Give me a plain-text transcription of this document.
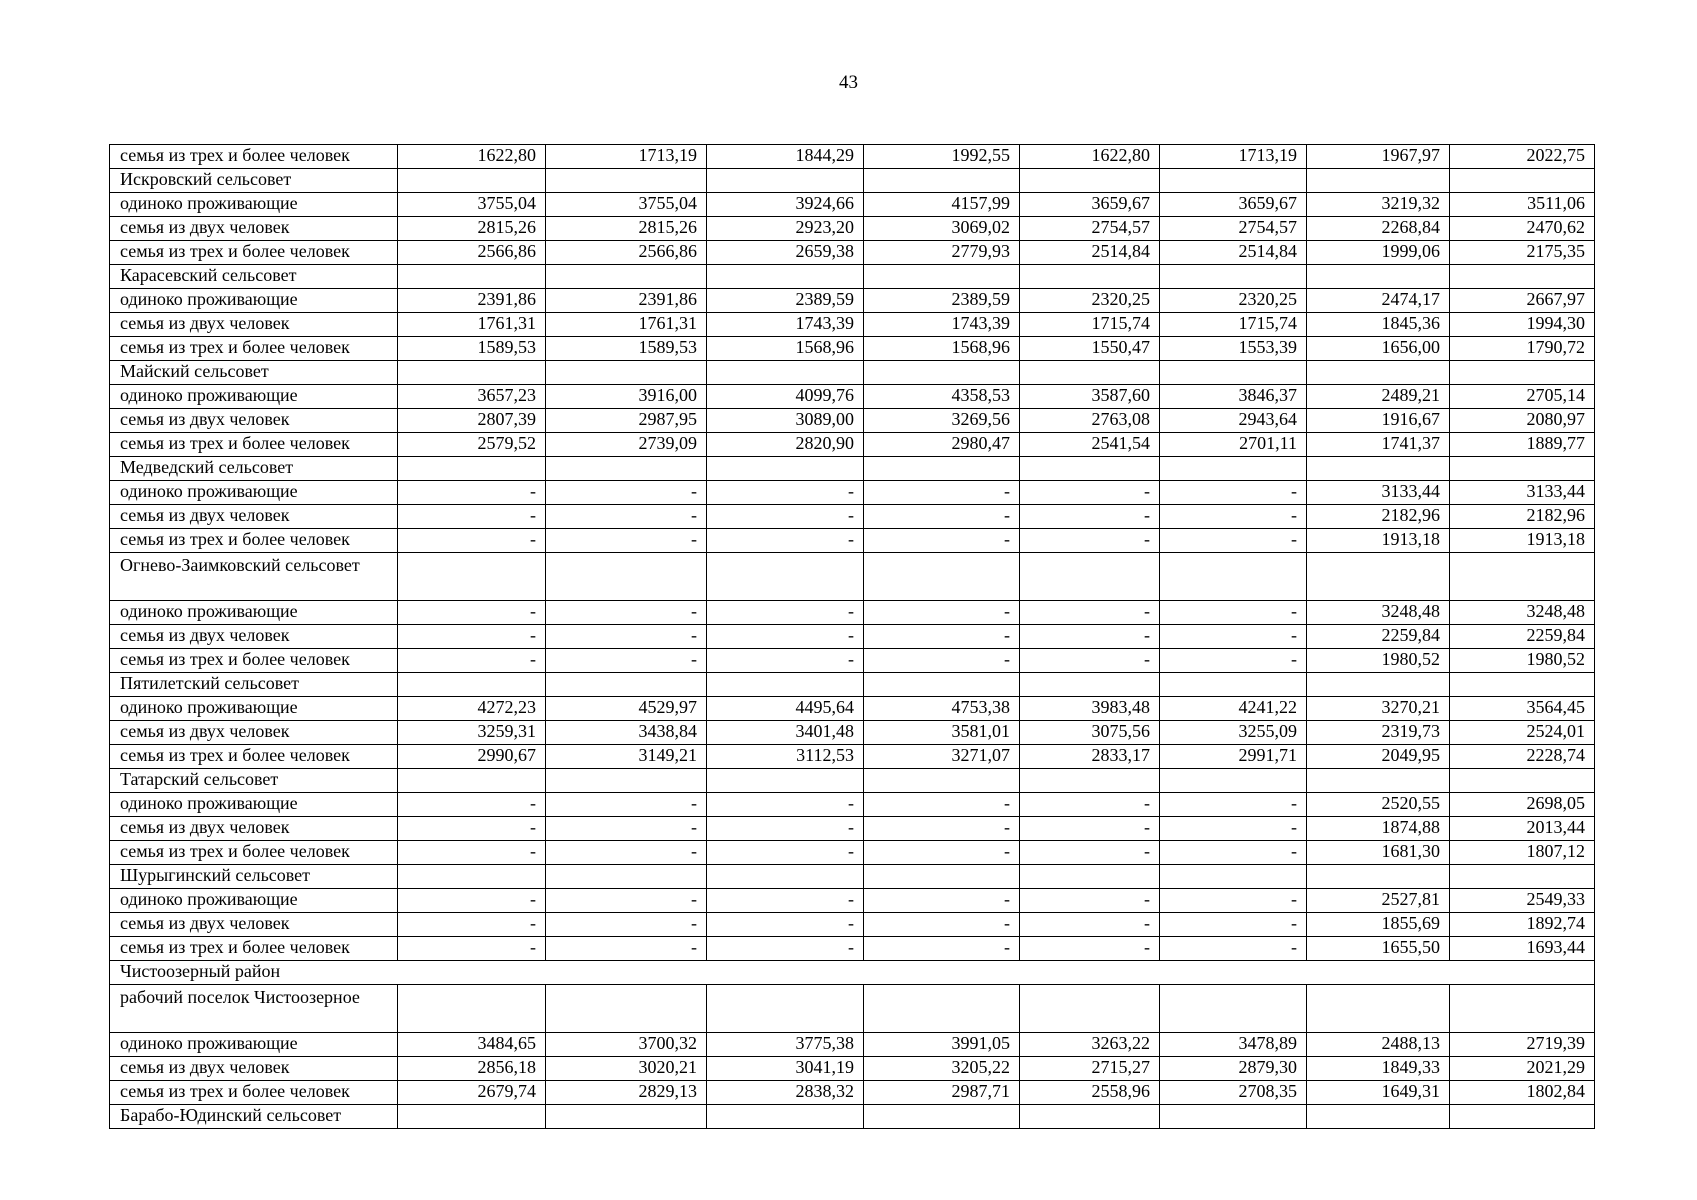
43
семья из трех и более человек	1622,80	1713,19	1844,29	1992,55	1622,80	1713,19	1967,97	2022,75
Искровский сельсовет								
одиноко проживающие	3755,04	3755,04	3924,66	4157,99	3659,67	3659,67	3219,32	3511,06
семья из двух человек	2815,26	2815,26	2923,20	3069,02	2754,57	2754,57	2268,84	2470,62
семья из трех и более человек	2566,86	2566,86	2659,38	2779,93	2514,84	2514,84	1999,06	2175,35
Карасевский сельсовет								
одиноко проживающие	2391,86	2391,86	2389,59	2389,59	2320,25	2320,25	2474,17	2667,97
семья из двух человек	1761,31	1761,31	1743,39	1743,39	1715,74	1715,74	1845,36	1994,30
семья из трех и более человек	1589,53	1589,53	1568,96	1568,96	1550,47	1553,39	1656,00	1790,72
Майский сельсовет								
одиноко проживающие	3657,23	3916,00	4099,76	4358,53	3587,60	3846,37	2489,21	2705,14
семья из двух человек	2807,39	2987,95	3089,00	3269,56	2763,08	2943,64	1916,67	2080,97
семья из трех и более человек	2579,52	2739,09	2820,90	2980,47	2541,54	2701,11	1741,37	1889,77
Медведский сельсовет								
одиноко проживающие	-	-	-	-	-	-	3133,44	3133,44
семья из двух человек	-	-	-	-	-	-	2182,96	2182,96
семья из трех и более человек	-	-	-	-	-	-	1913,18	1913,18
Огнево-Заимковский сельсовет								
одиноко проживающие	-	-	-	-	-	-	3248,48	3248,48
семья из двух человек	-	-	-	-	-	-	2259,84	2259,84
семья из трех и более человек	-	-	-	-	-	-	1980,52	1980,52
Пятилетский сельсовет								
одиноко проживающие	4272,23	4529,97	4495,64	4753,38	3983,48	4241,22	3270,21	3564,45
семья из двух человек	3259,31	3438,84	3401,48	3581,01	3075,56	3255,09	2319,73	2524,01
семья из трех и более человек	2990,67	3149,21	3112,53	3271,07	2833,17	2991,71	2049,95	2228,74
Татарский сельсовет								
одиноко проживающие	-	-	-	-	-	-	2520,55	2698,05
семья из двух человек	-	-	-	-	-	-	1874,88	2013,44
семья из трех и более человек	-	-	-	-	-	-	1681,30	1807,12
Шурыгинский сельсовет								
одиноко проживающие	-	-	-	-	-	-	2527,81	2549,33
семья из двух человек	-	-	-	-	-	-	1855,69	1892,74
семья из трех и более человек	-	-	-	-	-	-	1655,50	1693,44
Чистоозерный район								
рабочий поселок Чистоозерное								
одиноко проживающие	3484,65	3700,32	3775,38	3991,05	3263,22	3478,89	2488,13	2719,39
семья из двух человек	2856,18	3020,21	3041,19	3205,22	2715,27	2879,30	1849,33	2021,29
семья из трех и более человек	2679,74	2829,13	2838,32	2987,71	2558,96	2708,35	1649,31	1802,84
Барабо-Юдинский сельсовет								
